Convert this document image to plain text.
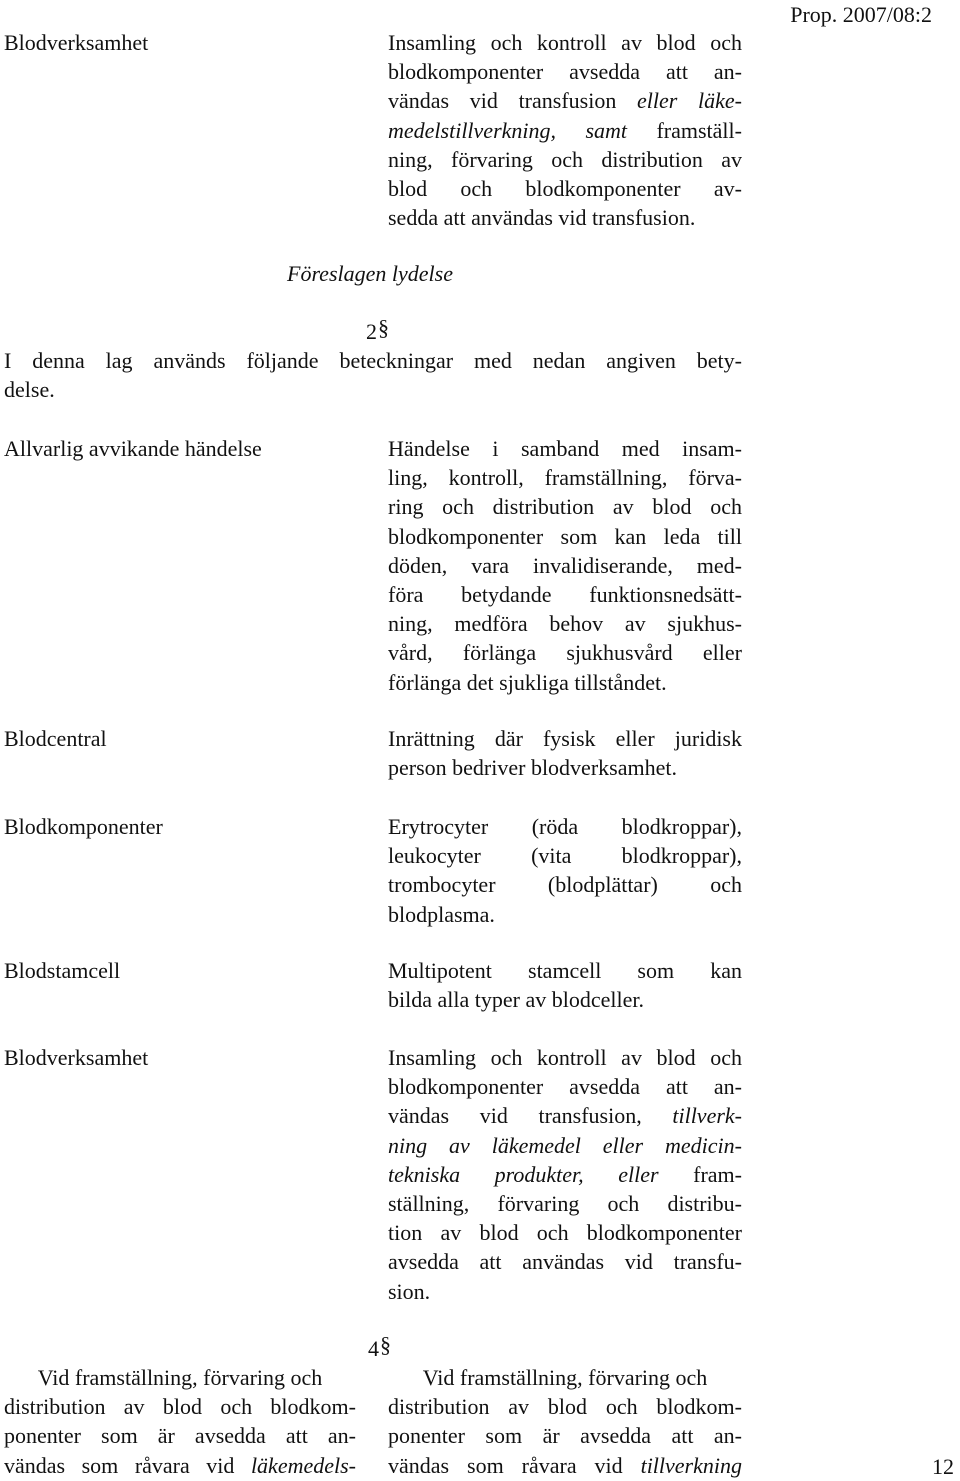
Prop. 2007/08:2
Blodverksamhet	Insamling och kontroll av blod och
blodkomponenter avsedda att an-
vändas vid transfusion eller läke-
medelstillverkning, samt framställ-
ning, förvaring och distribution av
blod och blodkomponenter av-
sedda att användas vid transfusion.
Föreslagen lydelse
2 §
I denna lag används följande beteckningar med nedan angiven bety-
delse.
Allvarlig avvikande händelse	Händelse i samband med insam-
ling, kontroll, framställning, förva-
ring och distribution av blod och
blodkomponenter som kan leda till
döden, vara invalidiserande, med-
föra betydande funktionsnedsätt-
ning, medföra behov av sjukhus-
vård, förlänga sjukhusvård eller
förlänga det sjukliga tillståndet.
Blodcentral	Inrättning där fysisk eller juridisk
person bedriver blodverksamhet.
Blodkomponenter	Erytrocyter (röda blodkroppar),
leukocyter (vita blodkroppar),
trombocyter (blodplättar) och
blodplasma.
Blodstamcell	Multipotent stamcell som kan
bilda alla typer av blodceller.
Blodverksamhet	Insamling och kontroll av blod och
blodkomponenter avsedda att an-
vändas vid transfusion, tillverk-
ning av läkemedel eller medicin-
tekniska produkter, eller fram-
ställning, förvaring och distribu-
tion av blod och blodkomponenter
avsedda att användas vid transfu-
sion.
4 §
Vid framställning, förvaring och
distribution av blod och blodkom-
ponenter som är avsedda att an-
vändas som råvara vid läkemedels-
Vid framställning, förvaring och
distribution av blod och blodkom-
ponenter som är avsedda att an-
vändas som råvara vid tillverkning	12
